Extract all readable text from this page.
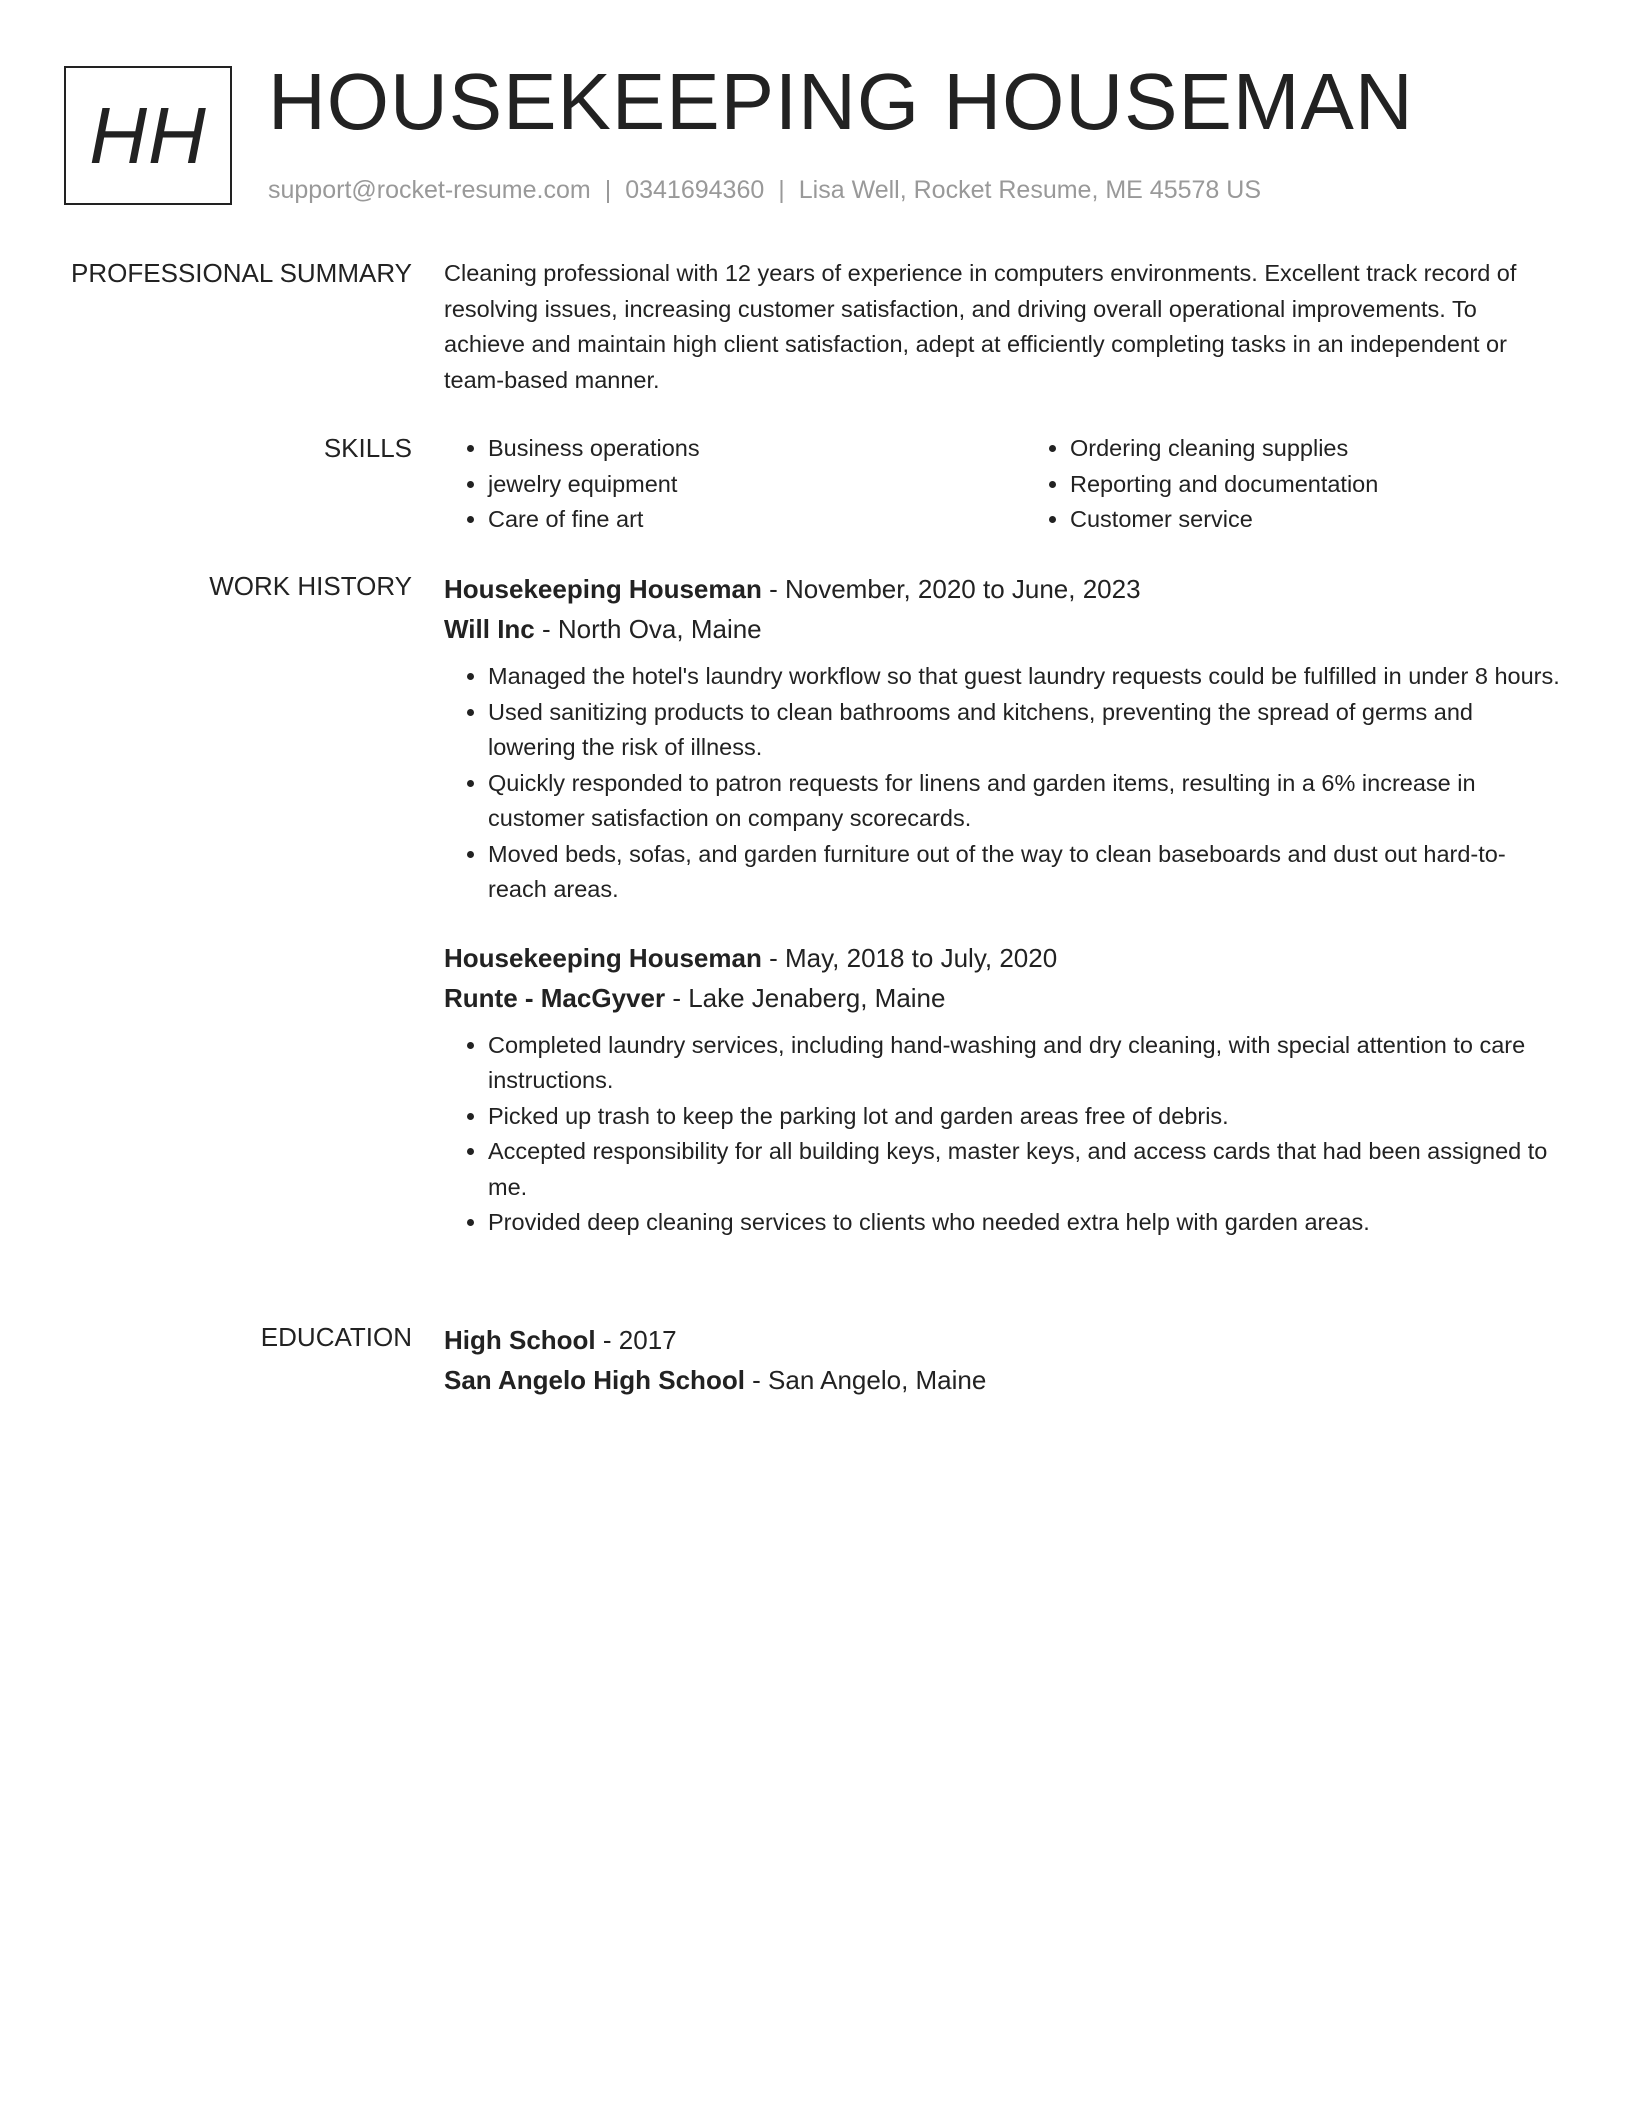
HH HOUSEKEEPING HOUSEMAN
support@rocket-resume.com | 0341694360 | Lisa Well, Rocket Resume, ME 45578 US
PROFESSIONAL SUMMARY Cleaning professional with 12 years of experience in computers environments. Excellent track record of resolving issues, increasing customer satisfaction, and driving overall operational improvements. To achieve and maintain high client satisfaction, adept at efficiently completing tasks in an independent or team-based manner.

SKILLS
•	Business operations
• jewelry equipment
• Care of fine art
• Ordering cleaning supplies
• Reporting and documentation
• Customer service
WORK HISTORY Housekeeping Houseman - November, 2020 to June, 2023
Will Inc - North Ova, Maine
• Managed the hotel's laundry workflow so that guest laundry requests could be fulfilled in under 8 hours.
• Used sanitizing products to clean bathrooms and kitchens, preventing the spread of germs and lowering the risk of illness.
• Quickly responded to patron requests for linens and garden items, resulting in a 6% increase in customer satisfaction on company scorecards.
• Moved beds, sofas, and garden furniture out of the way to clean baseboards and dust out hard-to-reach areas.
Housekeeping Houseman - May, 2018 to July, 2020
Runte - MacGyver - Lake Jenaberg, Maine
• Completed laundry services, including hand-washing and dry cleaning, with special attention to care instructions.
• Picked up trash to keep the parking lot and garden areas free of debris.
• Accepted responsibility for all building keys, master keys, and access cards that had been assigned to me.
• Provided deep cleaning services to clients who needed extra help with garden areas.
EDUCATION High School - 2017
San Angelo High School - San Angelo, Maine
